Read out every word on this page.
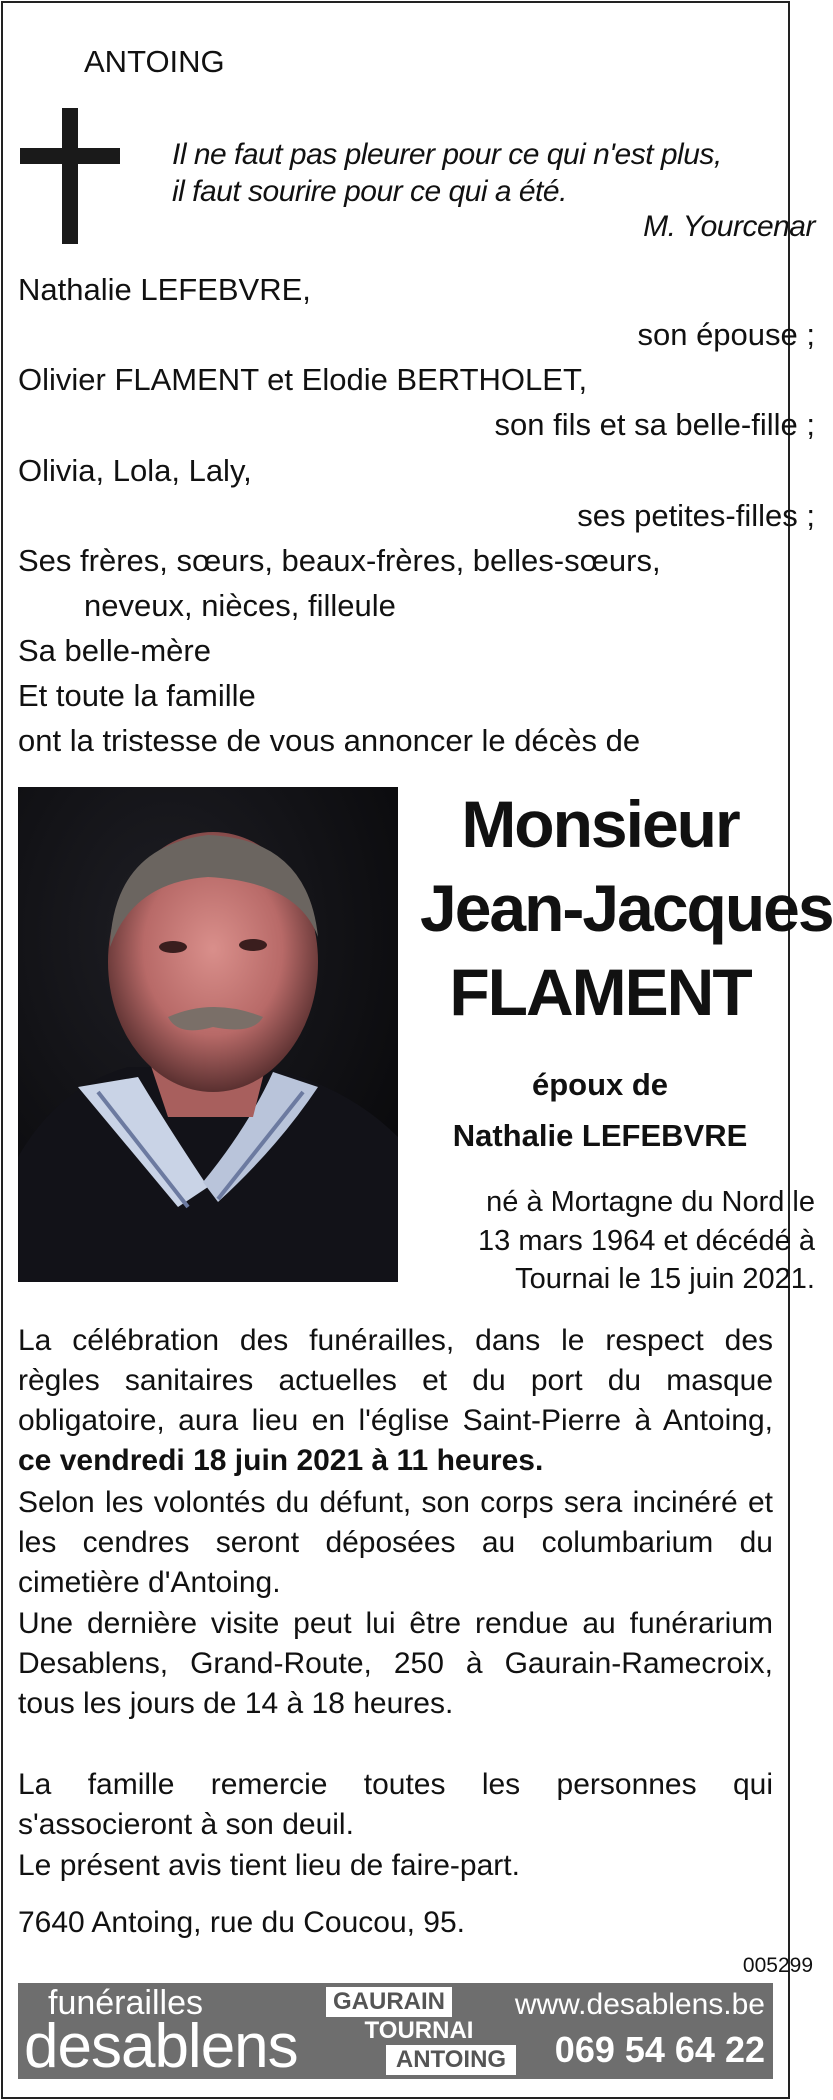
ANTOING
Il ne faut pas pleurer pour ce qui n'est plus,
il faut sourire pour ce qui a été.
M. Yourcenar
Nathalie LEFEBVRE,
son épouse ;
Olivier FLAMENT et Elodie BERTHOLET,
son fils et sa belle-fille ;
Olivia, Lola, Laly,
ses petites-filles ;
Ses frères, sœurs, beaux-frères, belles-sœurs,
neveux, nièces, filleule
Sa belle-mère
Et toute la famille
ont la tristesse de vous annoncer le décès de
Monsieur
Jean-Jacques
FLAMENT
époux de
Nathalie LEFEBVRE
né à Mortagne du Nord le
13 mars 1964 et décédé à
Tournai le 15 juin 2021.
La célébration des funérailles, dans le respect des règles sanitaires actuelles et du port du masque obligatoire, aura lieu en l'église Saint-Pierre à Antoing, ce vendredi 18 juin 2021 à 11 heures.
Selon les volontés du défunt, son corps sera incinéré et les cendres seront déposées au columbarium du cimetière d'Antoing.
Une dernière visite peut lui être rendue au funérarium Desablens, Grand-Route, 250 à Gaurain-Ramecroix, tous les jours de 14 à 18 heures.
La famille remercie toutes les personnes qui s'associeront à son deuil.
Le présent avis tient lieu de faire-part.
7640 Antoing, rue du Coucou, 95.
005299
funérailles
desablens
GAURAIN
TOURNAI
ANTOING
www.desablens.be
069 54 64 22
